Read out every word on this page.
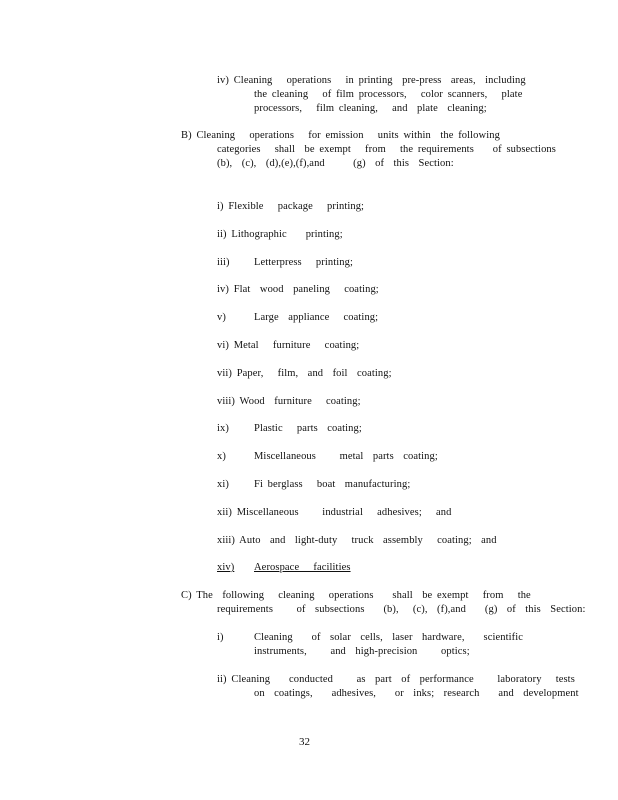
iv) Cleaning   operations   in printing  pre-press  areas,  including
the cleaning   of film processors,   color scanners,   plate
processors,   film cleaning,   and  plate  cleaning;
B) Cleaning   operations   for emission   units within  the following
categories   shall  be exempt   from   the requirements    of subsections
(b),  (c),  (d),(e),(f),and      (g)  of  this  Section:
i) Flexible   package   printing;
ii) Lithographic    printing;
iii) Letterpress   printing;
iv) Flat  wood  paneling   coating;
v)	Large  appliance   coating;
vi) Metal   furniture   coating;
vii) Paper,   film,  and  foil  coating;
viii) Wood  furniture   coating;
ix) Plastic   parts  coating;
x)	Miscellaneous     metal  parts  coating;
xi) Fi berglass   boat  manufacturing;
xii) Miscellaneous     industrial   adhesives;   and
xiii) Auto  and  light-duty   truck  assembly   coating;  and
xiv)	Aerospace   facilities
C) The  following   cleaning   operations    shall  be exempt   from   the
requirements     of  subsections    (b),   (c),  (f),and    (g)  of  this  Section:
i)	Cleaning    of  solar  cells,  laser  hardware,    scientific
instruments,     and  high-precision     optics;
ii) Cleaning    conducted     as  part  of  performance     laboratory   tests
on  coatings,    adhesives,    or  inks;  research    and  development
32
